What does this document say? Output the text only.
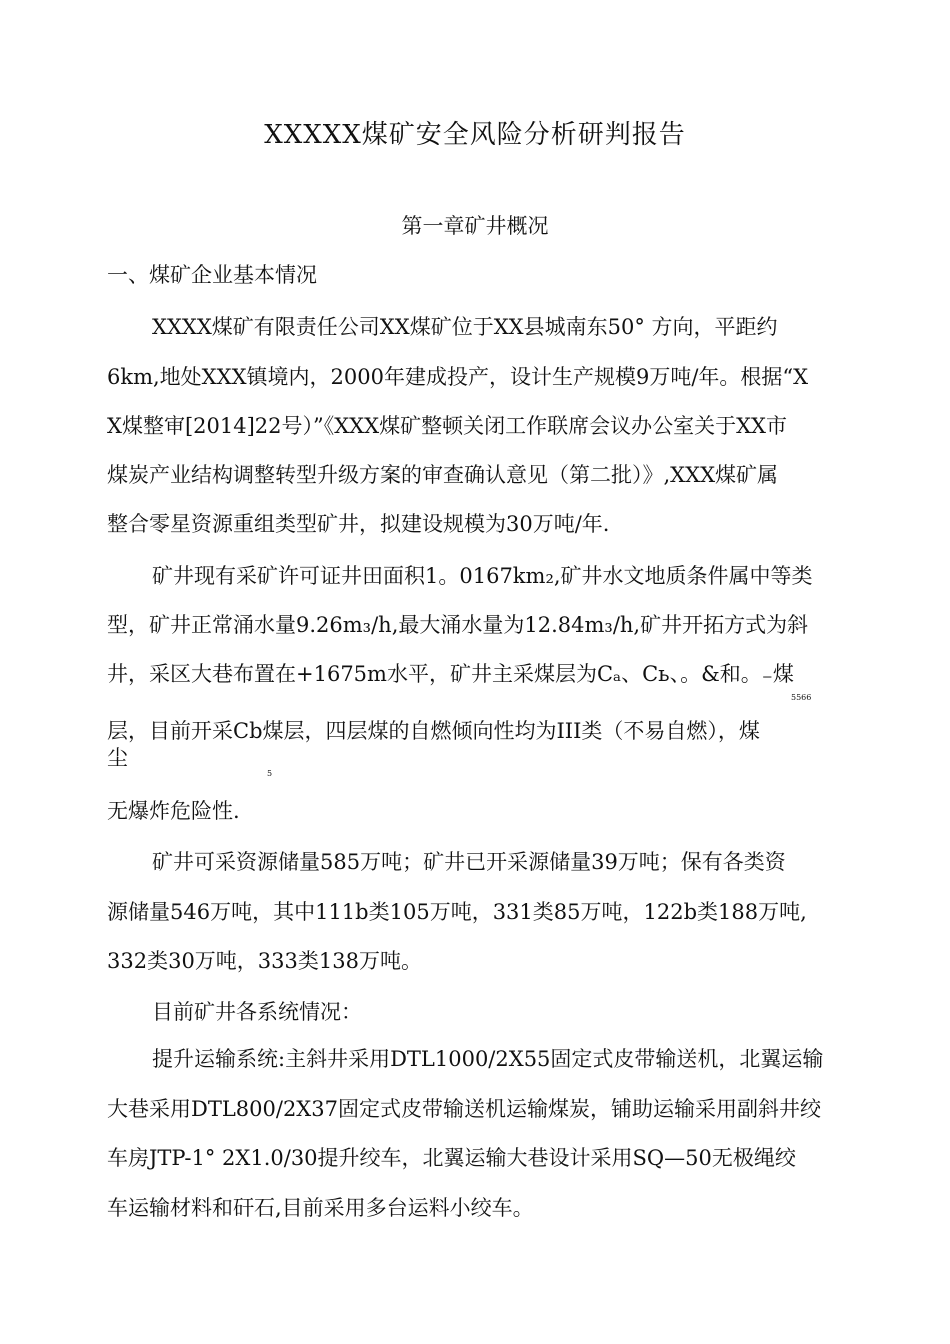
XXXXX煤矿安全风险分析研判报告
第一章矿井概况
一、煤矿企业基本情况
XXXX煤矿有限责任公司XX煤矿位于XX县城南东50° 方向，平距约
6km,地处XXX镇境内，2000年建成投产，设计生产规模9万吨/年。根据“X
X煤整审[2014]22号）”《XXX煤矿整顿关闭工作联席会议办公室关于XX市
煤炭产业结构调整转型升级方案的审查确认意见（第二批）》,XXX煤矿属
整合零星资源重组类型矿井，拟建设规模为30万吨/年.
矿井现有采矿许可证井田面积1。0167km₂,矿井水文地质条件属中等类
型，矿井正常涌水量9.26m₃/h,最大涌水量为12.84m₃/h,矿井开拓方式为斜
井，采区大巷布置在+1675m水平，矿井主采煤层为Cₐ、Cь、。&和。₋煤
5566
层，目前开采Cb煤层，四层煤的自燃倾向性均为III类（不易自燃），煤
尘
5
无爆炸危险性.
矿井可采资源储量585万吨；矿井已开采源储量39万吨；保有各类资
源储量546万吨，其中111b类105万吨，331类85万吨，122b类188万吨,
332类30万吨，333类138万吨。
目前矿井各系统情况：
提升运输系统:主斜井采用DTL1000/2X55固定式皮带输送机，北翼运输
大巷采用DTL800/2X37固定式皮带输送机运输煤炭，铺助运输采用副斜井绞
车房JTP-1° 2X1.0/30提升绞车，北翼运输大巷设计采用SQ—50无极绳绞
车运输材料和矸石,目前采用多台运料小绞车。
